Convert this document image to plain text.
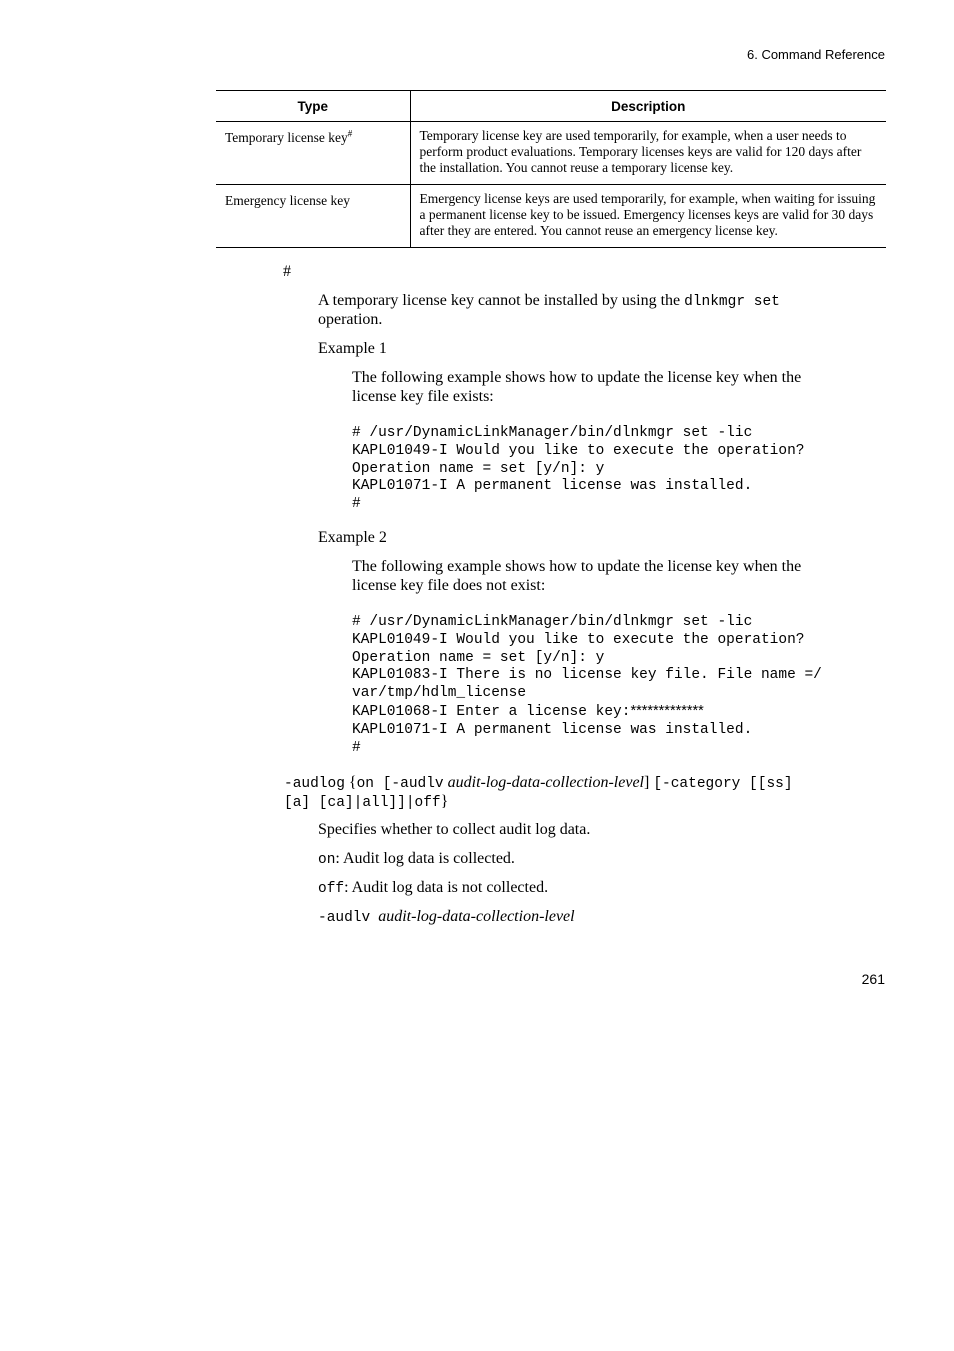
6. Command Reference
Type	Description
Temporary license key#	Temporary license key are used temporarily, for example, when a user needs to perform product evaluations. Temporary licenses keys are valid for 120 days after the installation. You cannot reuse a temporary license key.
Emergency license key	Emergency license keys are used temporarily, for example, when waiting for issuing a permanent license key to be issued. Emergency licenses keys are valid for 30 days after they are entered. You cannot reuse an emergency license key.
#
A temporary license key cannot be installed by using the dlnkmgr set
operation.
Example 1
The following example shows how to update the license key when the
license key file exists:
# /usr/DynamicLinkManager/bin/dlnkmgr set -lic
KAPL01049-I Would you like to execute the operation?
Operation name = set [y/n]: y
KAPL01071-I A permanent license was installed.
#
Example 2
The following example shows how to update the license key when the
license key file does not exist:
# /usr/DynamicLinkManager/bin/dlnkmgr set -lic
KAPL01049-I Would you like to execute the operation?
Operation name = set [y/n]: y
KAPL01083-I There is no license key file. File name =/
var/tmp/hdlm_license
KAPL01068-I Enter a license key:*************
KAPL01071-I A permanent license was installed.
#
-audlog {on [-audlv audit-log-data-collection-level] [-category [[ss]
[a] [ca]|all]]|off}
Specifies whether to collect audit log data.
on: Audit log data is collected.
off: Audit log data is not collected.
-audlv audit-log-data-collection-level
261
